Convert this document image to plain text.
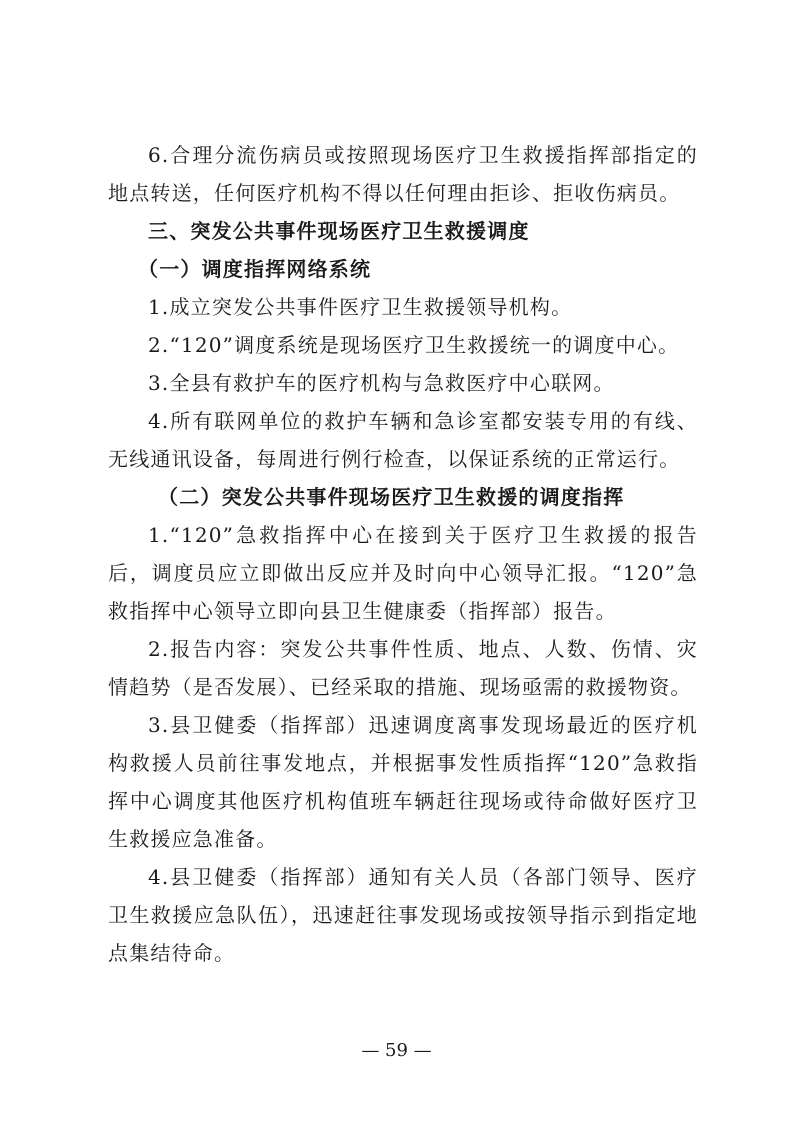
6.合理分流伤病员或按照现场医疗卫生救援指挥部指定的地点转送，任何医疗机构不得以任何理由拒诊、拒收伤病员。

三、突发公共事件现场医疗卫生救援调度

（一）调度指挥网络系统

1.成立突发公共事件医疗卫生救援领导机构。

2.“120”调度系统是现场医疗卫生救援统一的调度中心。

3.全县有救护车的医疗机构与急救医疗中心联网。

4.所有联网单位的救护车辆和急诊室都安装专用的有线、无线通讯设备，每周进行例行检查，以保证系统的正常运行。

（二）突发公共事件现场医疗卫生救援的调度指挥

1.“120”急救指挥中心在接到关于医疗卫生救援的报告后，调度员应立即做出反应并及时向中心领导汇报。“120”急救指挥中心领导立即向县卫生健康委（指挥部）报告。

2.报告内容：突发公共事件性质、地点、人数、伤情、灾情趋势（是否发展）、已经采取的措施、现场亟需的救援物资。

3.县卫健委（指挥部）迅速调度离事发现场最近的医疗机构救援人员前往事发地点，并根据事发性质指挥“120”急救指挥中心调度其他医疗机构值班车辆赶往现场或待命做好医疗卫生救援应急准备。

4.县卫健委（指挥部）通知有关人员（各部门领导、医疗卫生救援应急队伍），迅速赶往事发现场或按领导指示到指定地点集结待命。

— 59 —
